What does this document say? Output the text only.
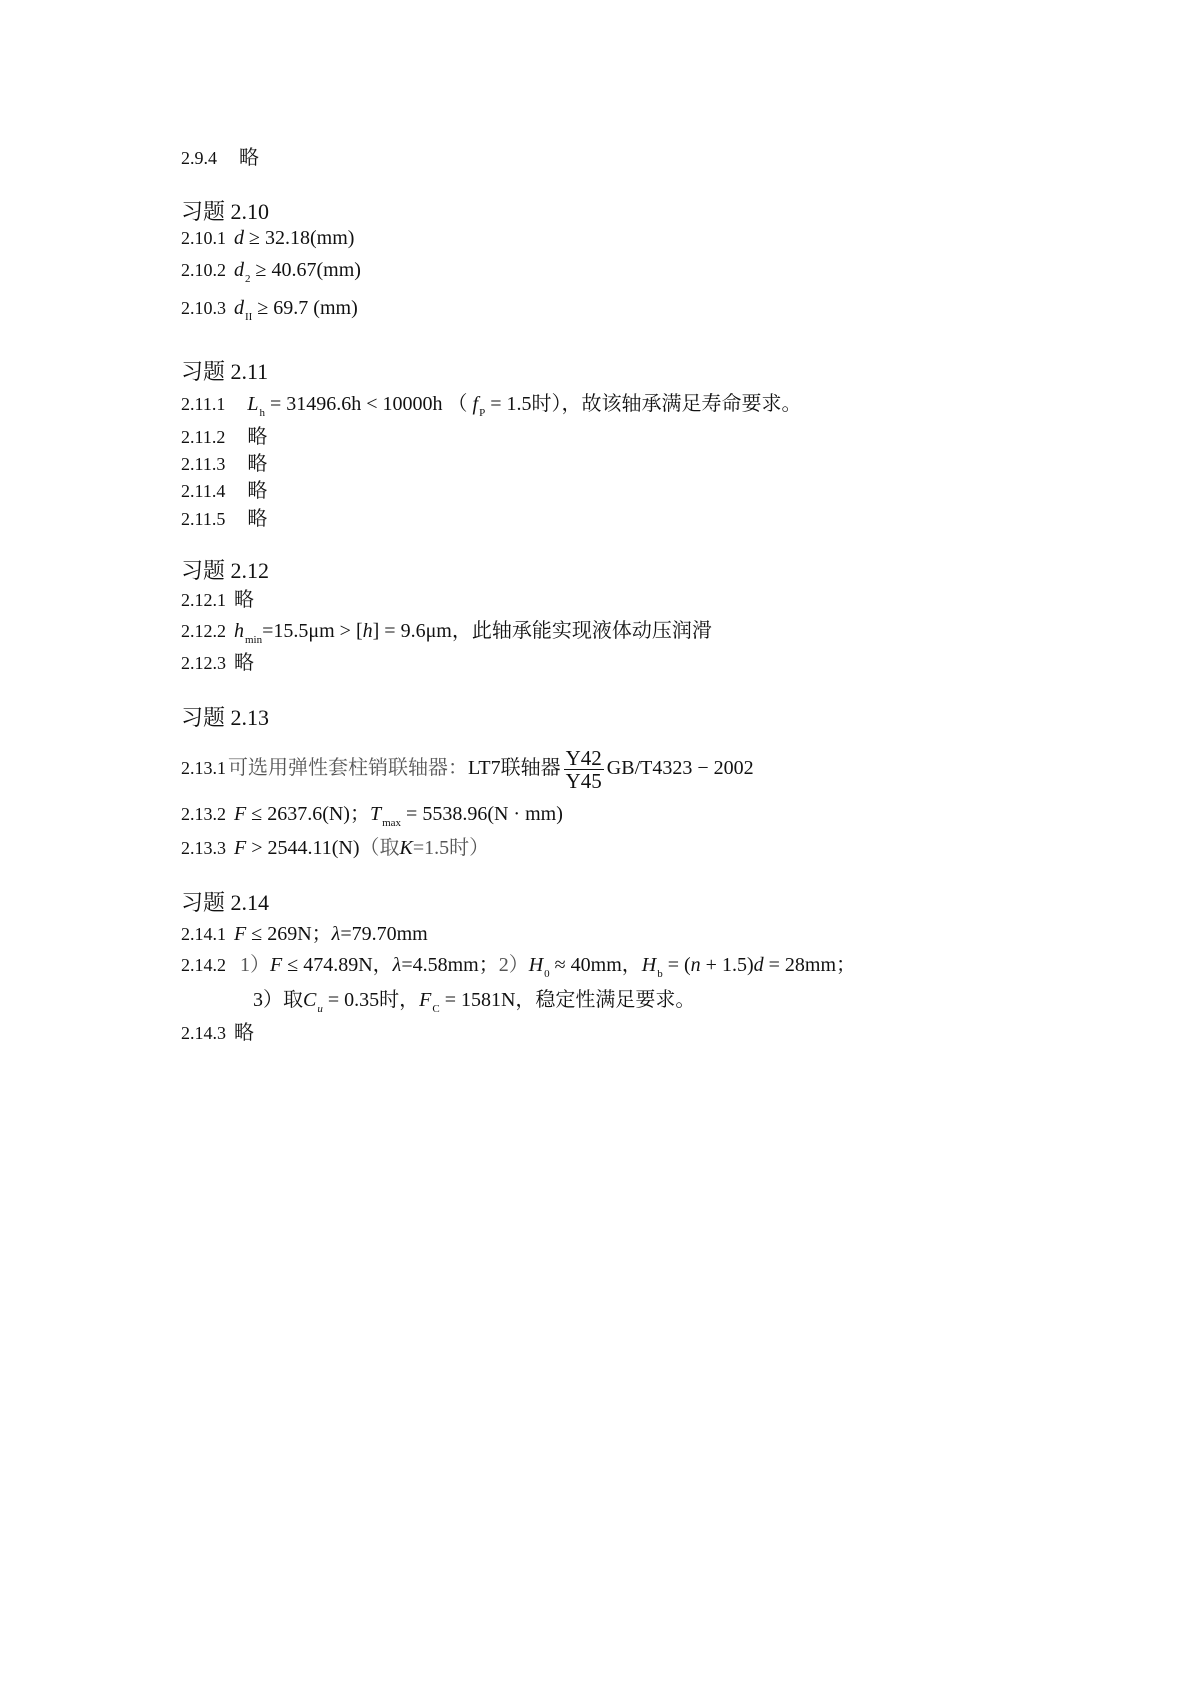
2.9.4 略
习题 2.10
2.10.1 d ≥ 32.18(mm)
2.10.2 $d_2 \ge 40.67(mm)$
2.10.3 $d_{II} \ge 69.7$ (mm)
习题 2.11
2.11.1 $L_h = 31496.6h < 10000h$ （ $f_P = 1.5$时），故该轴承满足寿命要求。
2.11.2 略
2.11.3 略
2.11.4 略
2.11.5 略
习题 2.12
2.12.1 略
2.12.2 $h_{min}=15.5\mu m > [h] = 9.6\mu m$，此轴承能实现液体动压润滑
2.12.3 略
习题 2.13
2.13.1 可选用弹性套柱销联轴器：LT7联轴器 $\frac{Y42}{Y45} GB/T4323 - 2002$
2.13.2 F ≤ 2637.6(N)；$T_{max} = 5538.96(N \cdot mm)$
2.13.3 F > 2544.11(N)（取K=1.5时）
习题 2.14
2.14.1 F ≤ 269N；λ=79.70mm
2.14.2 1）F ≤ 474.89N，λ=4.58mm；$2)H_0 \approx 40mm$，$H_b = (n + 1.5)d = 28mm$；
3）取$C_u = 0.35$时，$F_C = 1581N$，稳定性满足要求。
2.14.3 略
